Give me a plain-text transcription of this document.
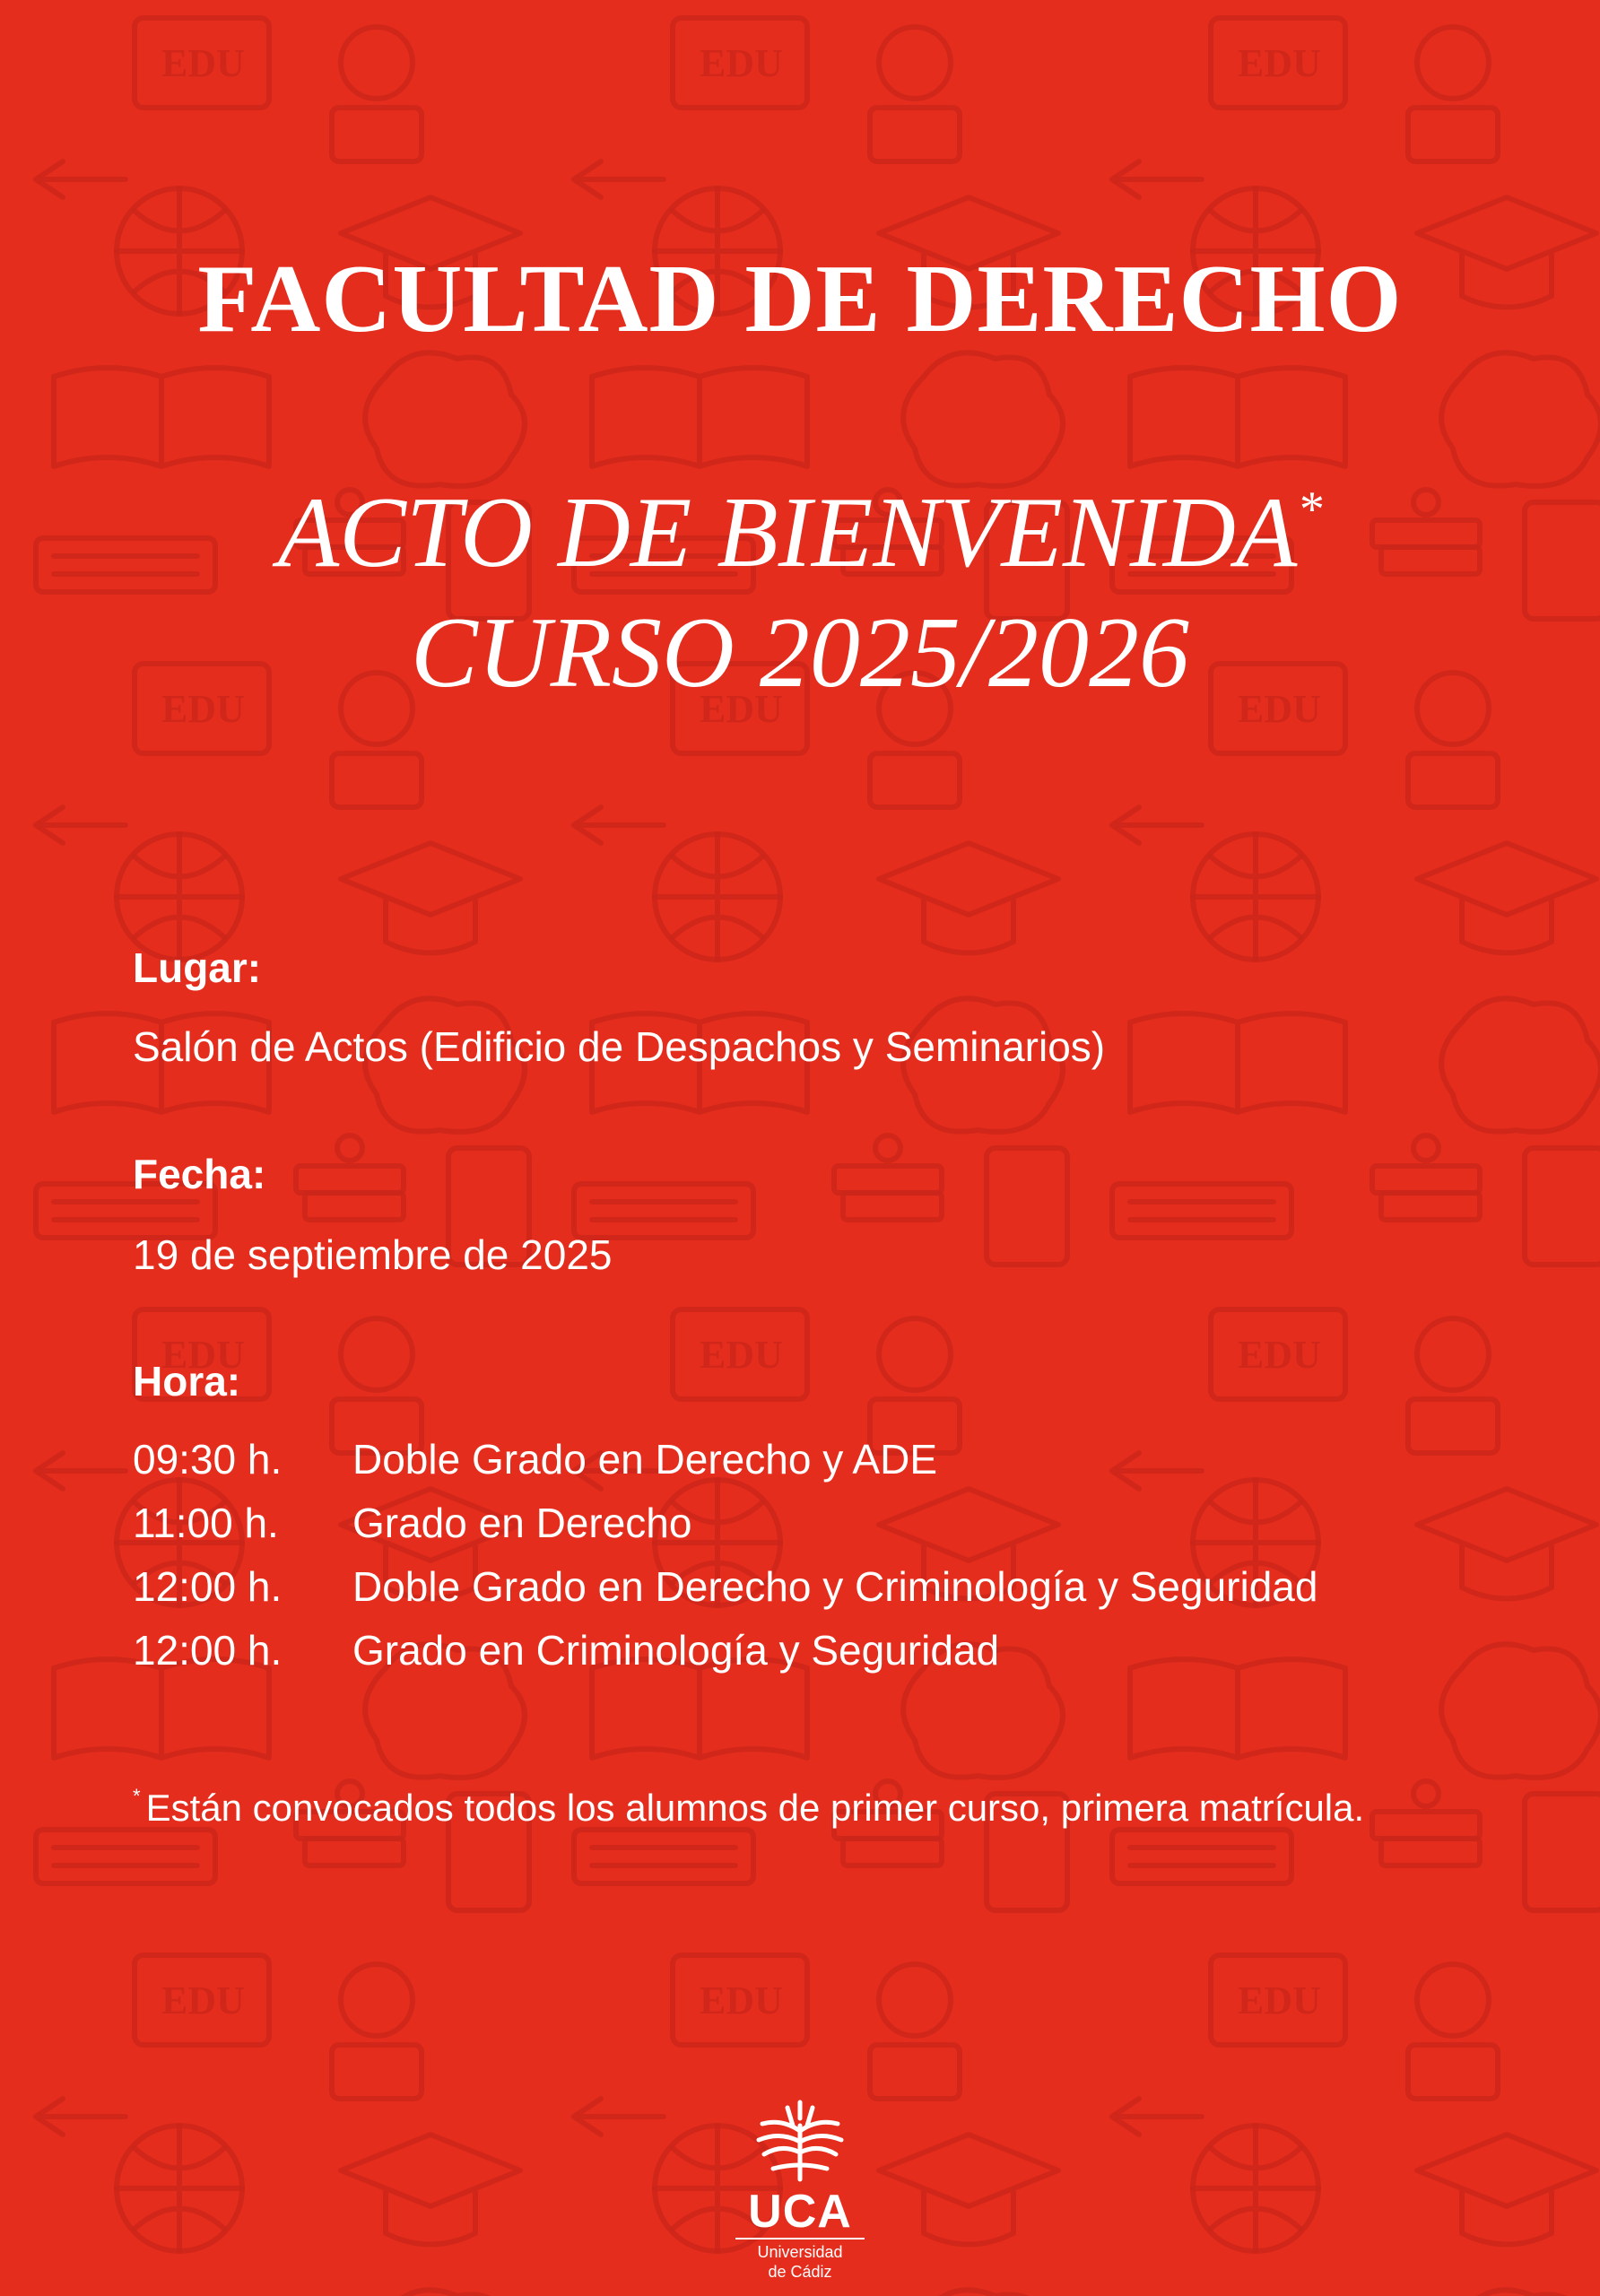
FACULTAD DE DERECHO

ACTO DE BIENVENIDA*

CURSO 2025/2026

Lugar:

Salón de Actos (Edificio de Despachos y Seminarios)

Fecha:

19 de septiembre de 2025

Hora:

09:30 h. Doble Grado en Derecho y ADE
11:00 h. Grado en Derecho
12:00 h. Doble Grado en Derecho y Criminología y Seguridad
12:00 h. Grado en Criminología y Seguridad

* Están convocados todos los alumnos de primer curso, primera matrícula.

UCA
Universidad
de Cádiz
